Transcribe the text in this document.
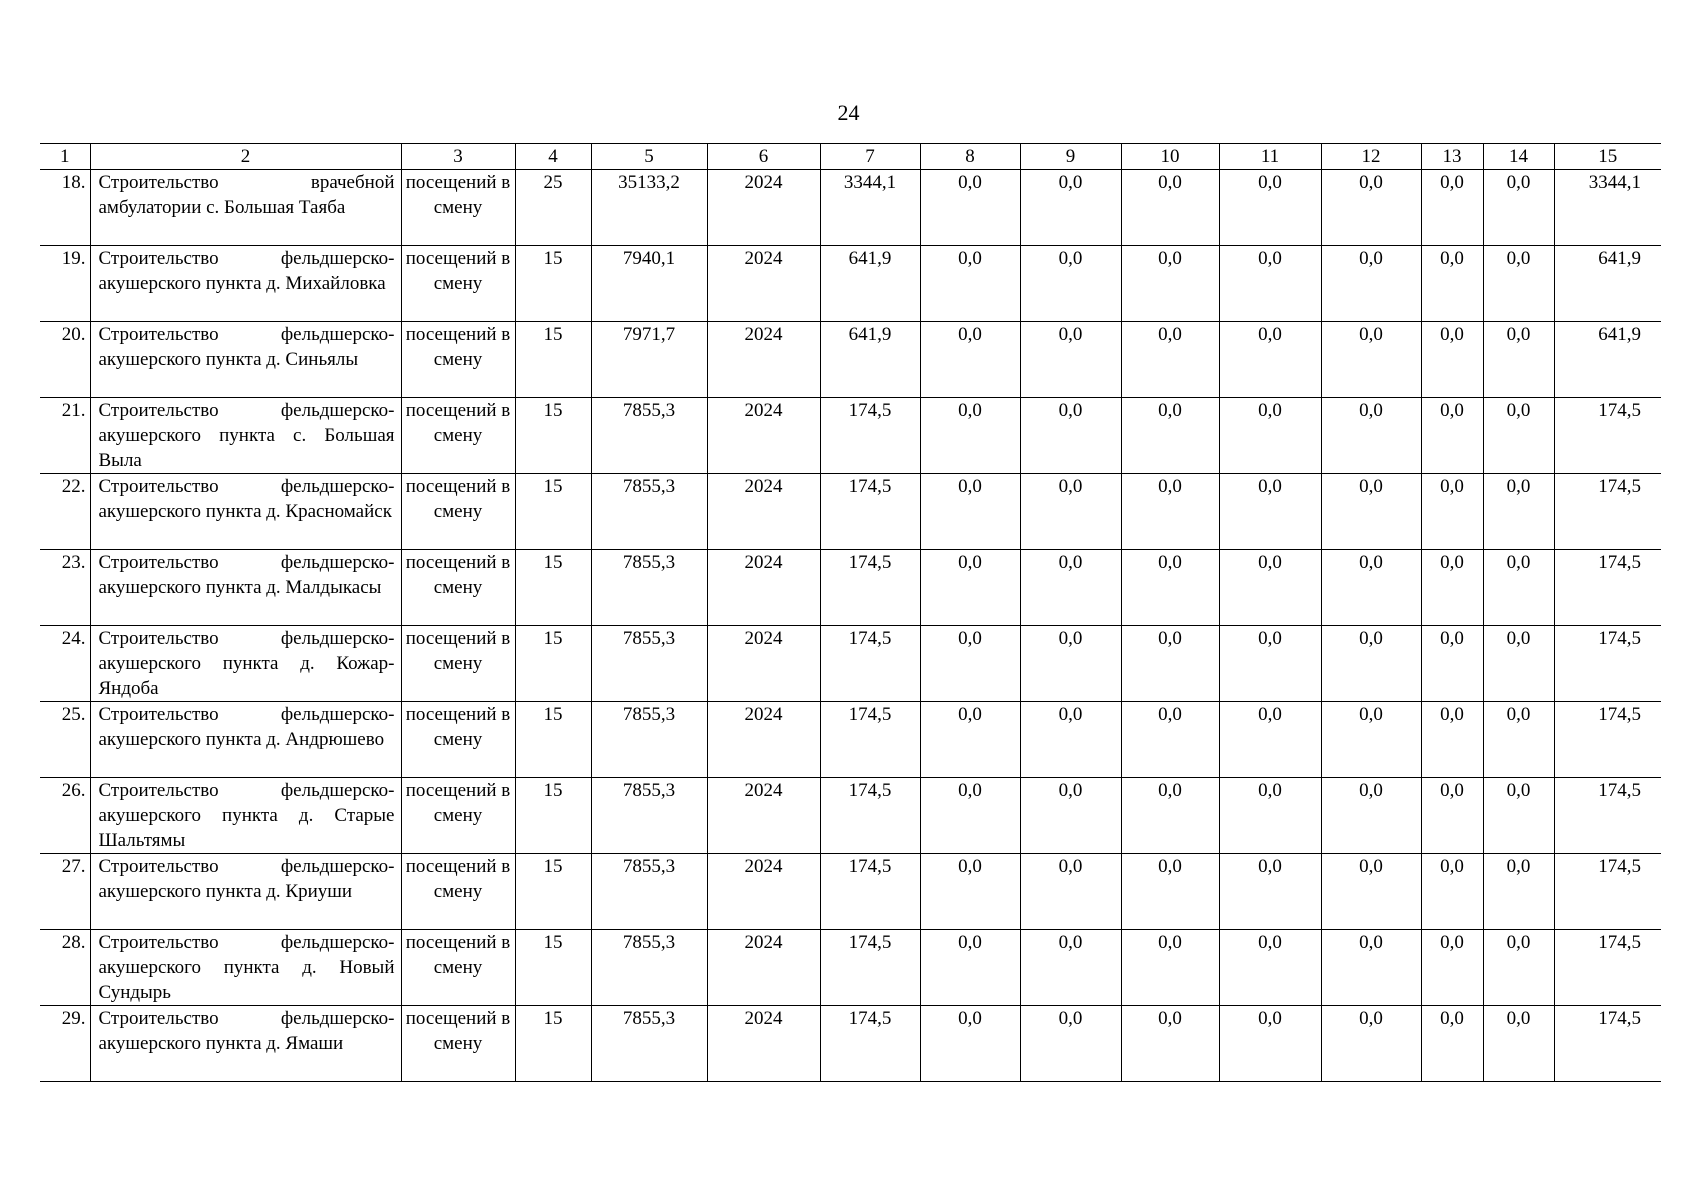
24
1	2	3	4	5	6	7	8	9	10	11	12	13	14	15
18.	Строительство врачебной амбулатории с. Большая Таяба	посещений в смену	25	35133,2	2024	3344,1	0,0	0,0	0,0	0,0	0,0	0,0	0,0	3344,1
19.	Строительство фельдшерско-акушерского пункта д. Михайловка	посещений в смену	15	7940,1	2024	641,9	0,0	0,0	0,0	0,0	0,0	0,0	0,0	641,9
20.	Строительство фельдшерско-акушерского пункта д. Синьялы	посещений в смену	15	7971,7	2024	641,9	0,0	0,0	0,0	0,0	0,0	0,0	0,0	641,9
21.	Строительство фельдшерско-акушерского пункта с. Большая Выла	посещений в смену	15	7855,3	2024	174,5	0,0	0,0	0,0	0,0	0,0	0,0	0,0	174,5
22.	Строительство фельдшерско-акушерского пункта д. Красномайск	посещений в смену	15	7855,3	2024	174,5	0,0	0,0	0,0	0,0	0,0	0,0	0,0	174,5
23.	Строительство фельдшерско-акушерского пункта д. Малдыкасы	посещений в смену	15	7855,3	2024	174,5	0,0	0,0	0,0	0,0	0,0	0,0	0,0	174,5
24.	Строительство фельдшерско-акушерского пункта д. Кожар-Яндоба	посещений в смену	15	7855,3	2024	174,5	0,0	0,0	0,0	0,0	0,0	0,0	0,0	174,5
25.	Строительство фельдшерско-акушерского пункта д. Андрюшево	посещений в смену	15	7855,3	2024	174,5	0,0	0,0	0,0	0,0	0,0	0,0	0,0	174,5
26.	Строительство фельдшерско-акушерского пункта д. Старые Шальтямы	посещений в смену	15	7855,3	2024	174,5	0,0	0,0	0,0	0,0	0,0	0,0	0,0	174,5
27.	Строительство фельдшерско-акушерского пункта д. Криуши	посещений в смену	15	7855,3	2024	174,5	0,0	0,0	0,0	0,0	0,0	0,0	0,0	174,5
28.	Строительство фельдшерско-акушерского пункта д. Новый Сундырь	посещений в смену	15	7855,3	2024	174,5	0,0	0,0	0,0	0,0	0,0	0,0	0,0	174,5
29.	Строительство фельдшерско-акушерского пункта д. Ямаши	посещений в смену	15	7855,3	2024	174,5	0,0	0,0	0,0	0,0	0,0	0,0	0,0	174,5
